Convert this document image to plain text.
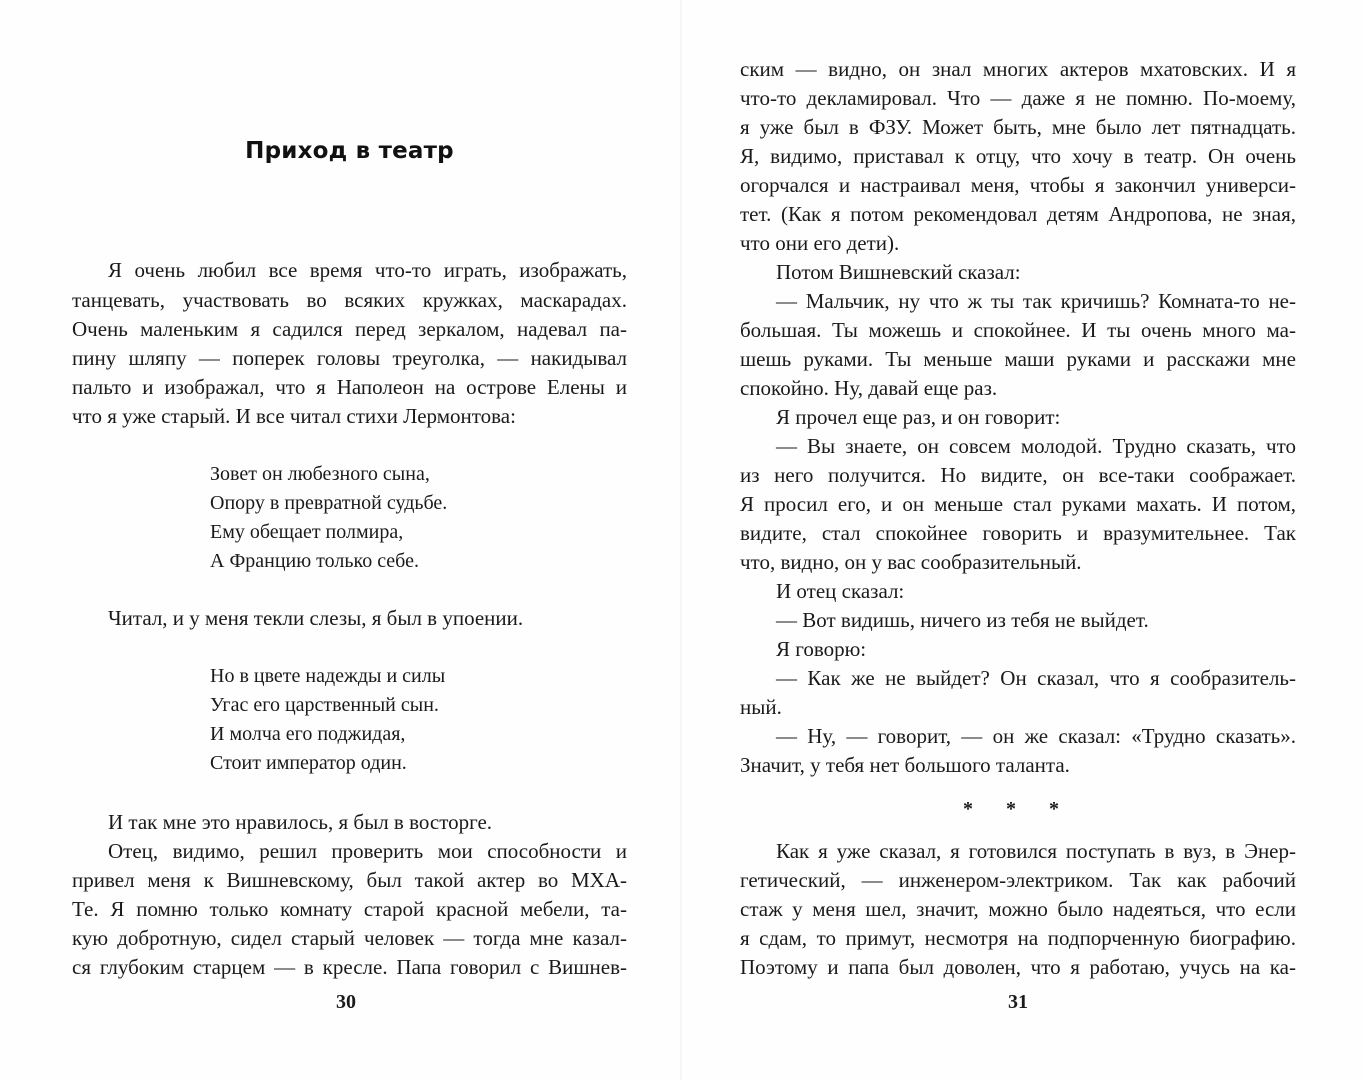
Приход в театр
Я очень любил все время что-то играть, изображать,
танцевать, участвовать во всяких кружках, маскарадах.
Очень маленьким я садился перед зеркалом, надевал па-
пину шляпу — поперек головы треуголка, — накидывал
пальто и изображал, что я Наполеон на острове Елены и
что я уже старый. И все читал стихи Лермонтова:
Зовет он любезного сына,
Опору в превратной судьбе.
Ему обещает полмира,
А Францию только себе.
Читал, и у меня текли слезы, я был в упоении.
Но в цвете надежды и силы
Угас его царственный сын.
И молча его поджидая,
Стоит император один.
И так мне это нравилось, я был в восторге.
Отец, видимо, решил проверить мои способности и
привел меня к Вишневскому, был такой актер во МХА-
Те. Я помню только комнату старой красной мебели, та-
кую добротную, сидел старый человек — тогда мне казал-
ся глубоким старцем — в кресле. Папа говорил с Вишнев-
30
ским — видно, он знал многих актеров мхатовских. И я
что-то декламировал. Что — даже я не помню. По-моему,
я уже был в ФЗУ. Может быть, мне было лет пятнадцать.
Я, видимо, приставал к отцу, что хочу в театр. Он очень
огорчался и настраивал меня, чтобы я закончил универси-
тет. (Как я потом рекомендовал детям Андропова, не зная,
что они его дети).
Потом Вишневский сказал:
— Мальчик, ну что ж ты так кричишь? Комната-то не-
большая. Ты можешь и спокойнее. И ты очень много ма-
шешь руками. Ты меньше маши руками и расскажи мне
спокойно. Ну, давай еще раз.
Я прочел еще раз, и он говорит:
— Вы знаете, он совсем молодой. Трудно сказать, что
из него получится. Но видите, он все-таки соображает.
Я просил его, и он меньше стал руками махать. И потом,
видите, стал спокойнее говорить и вразумительнее. Так
что, видно, он у вас сообразительный.
И отец сказал:
— Вот видишь, ничего из тебя не выйдет.
Я говорю:
— Как же не выйдет? Он сказал, что я сообразитель-
ный.
— Ну, — говорит, — он же сказал: «Трудно сказать».
Значит, у тебя нет большого таланта.
* * *
Как я уже сказал, я готовился поступать в вуз, в Энер-
гетический, — инженером-электриком. Так как рабочий
стаж у меня шел, значит, можно было надеяться, что если
я сдам, то примут, несмотря на подпорченную биографию.
Поэтому и папа был доволен, что я работаю, учусь на ка-
31
